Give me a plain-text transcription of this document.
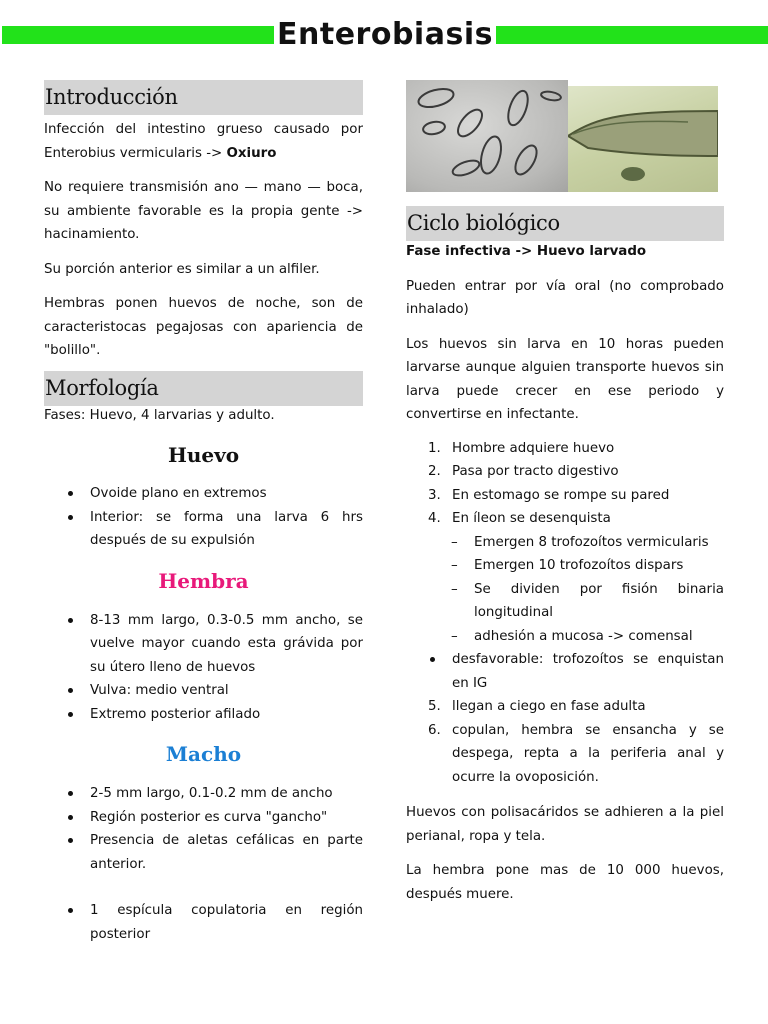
Enterobiasis
Introducción

Infección del intestino grueso causado por Enterobius vermicularis -> Oxiuro

No requiere transmisión ano — mano — boca, su ambiente favorable es la propia gente -> hacinamiento.

Su porción anterior es similar a un alfiler.

Hembras ponen huevos de noche, son de caracteristocas pegajosas con apariencia de "bolillo".

Morfología

Fases: Huevo, 4 larvarias y adulto.

Huevo
Ovoide plano en extremos
Interior: se forma una larva 6 hrs después de su expulsión
Hembra
8-13 mm largo, 0.3-0.5 mm ancho, se vuelve mayor cuando esta grávida por su útero lleno de huevos
Vulva: medio ventral
Extremo posterior afilado
Macho
2-5 mm largo, 0.1-0.2 mm de ancho
Región posterior es curva "gancho"
Presencia de aletas cefálicas en parte anterior.
1 espícula copulatoria en región posterior
Ciclo biológico

Fase infectiva -> Huevo larvado

Pueden entrar por vía oral (no comprobado inhalado)

Los huevos sin larva en 10 horas pueden larvarse aunque alguien transporte huevos sin larva puede crecer en ese periodo y convertirse en infectante.

1. Hombre adquiere huevo
2. Pasa por tracto digestivo
3. En estomago se rompe su pared
4. En íleon se desenquista
– Emergen 8 trofozoítos vermicularis
– Emergen 10 trofozoítos dispars
– Se dividen por fisión binaria longitudinal
– adhesión a mucosa -> comensal
desfavorable: trofozoítos se enquistan en IG
5. llegan a ciego en fase adulta
6. copulan, hembra se ensancha y se despega, repta a la periferia anal y ocurre la ovoposición.

Huevos con polisacáridos se adhieren a la piel perianal, ropa y tela.

La hembra pone mas de 10 000 huevos, después muere.
